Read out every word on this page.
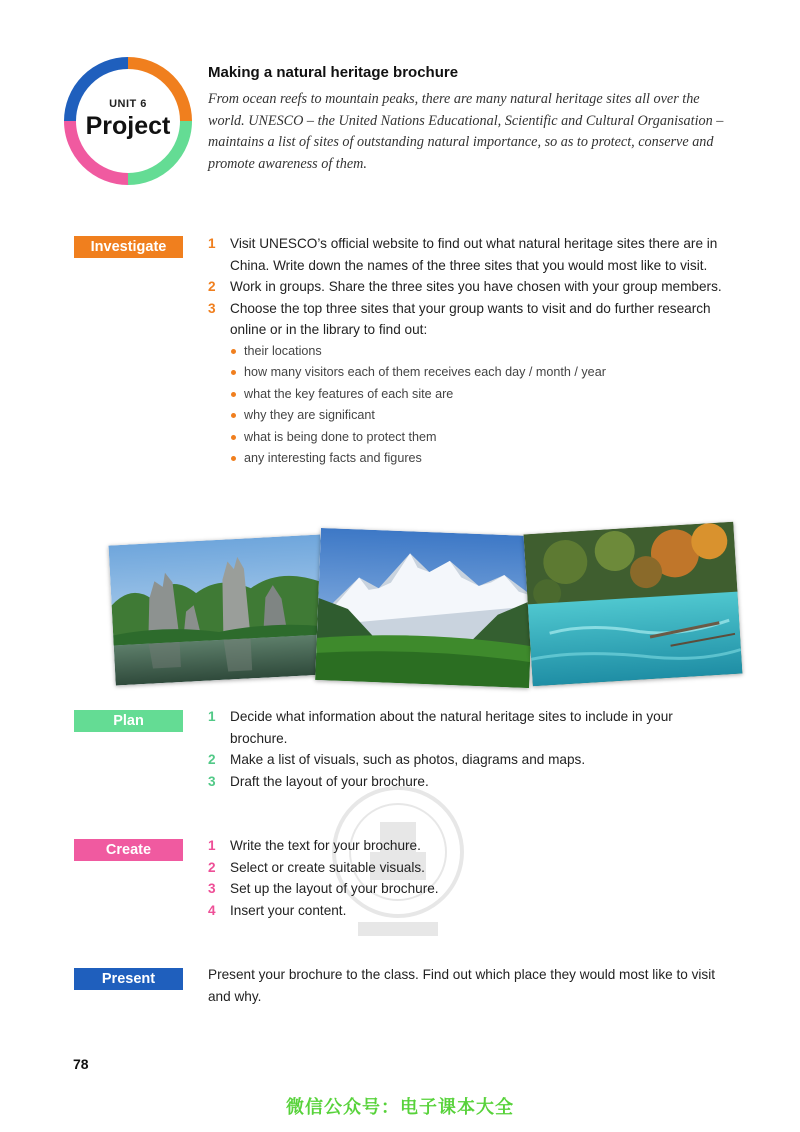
UNIT 6
Project
Making a natural heritage brochure

From ocean reefs to mountain peaks, there are many natural heritage sites all over the world. UNESCO – the United Nations Educational, Scientific and Cultural Organisation – maintains a list of sites of outstanding natural importance, so as to protect, conserve and promote awareness of them.

Investigate	1 Visit UNESCO’s official website to find out what natural heritage sites there are in China. Write down the names of the three sites that you would most like to visit.
2 Work in groups. Share the three sites you have chosen with your group members.
3 Choose the top three sites that your group wants to visit and do further research online or in the library to find out:
their locations
how many visitors each of them receives each day / month / year
what the key features of each site are
why they are significant
what is being done to protect them
any interesting facts and figures
Plan	1 Decide what information about the natural heritage sites to include in your brochure.
2 Make a list of visuals, such as photos, diagrams and maps.
3 Draft the layout of your brochure.
Create	1 Write the text for your brochure.
2 Select or create suitable visuals.
3 Set up the layout of your brochure.
4 Insert your content.
Present	Present your brochure to the class. Find out which place they would most like to visit and why.

78
微信公众号：电子课本大全
